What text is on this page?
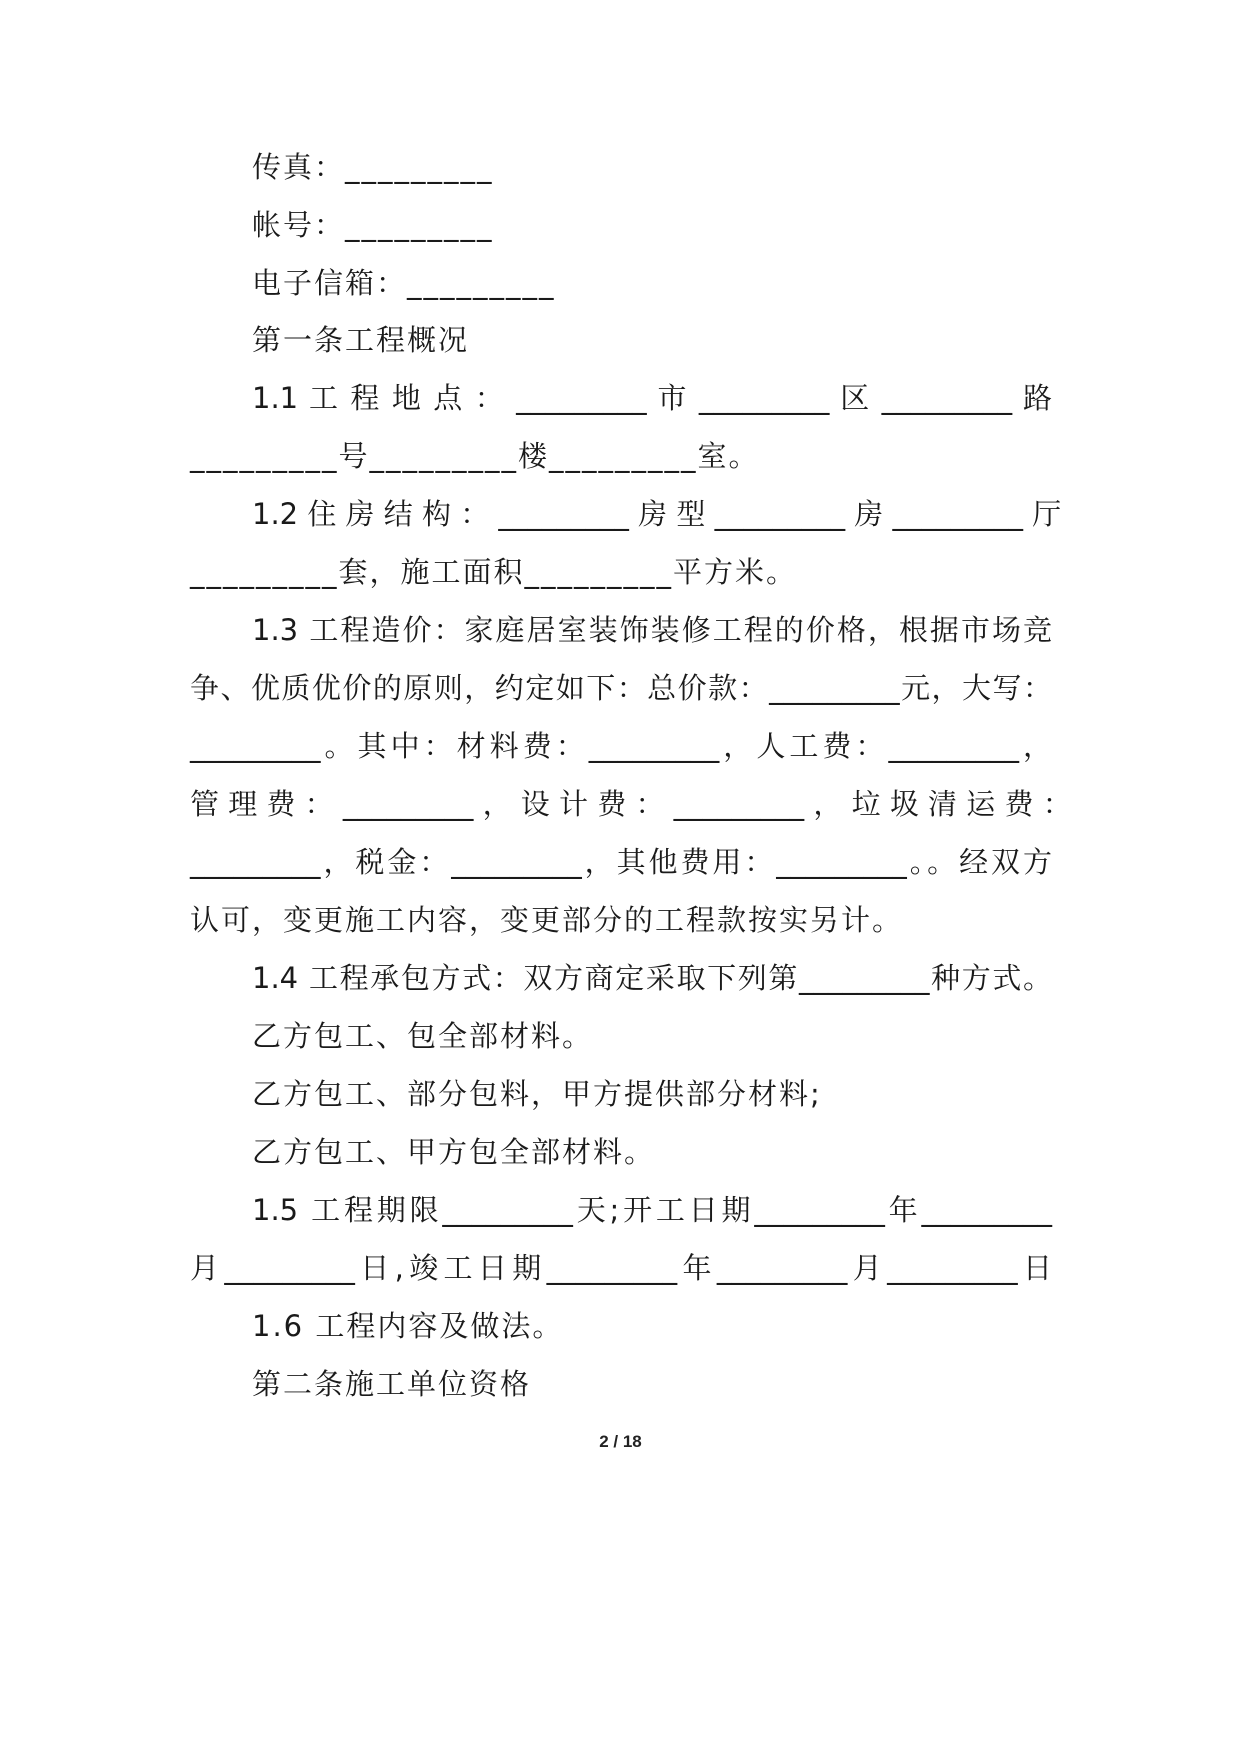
传真：_________

帐号：_________

电子信箱：_________

第一条工程概况

1.1 工 程 地 点 ： _________ 市 _________ 区 _________ 路

_________号_________楼_________室。

1.2 住 房 结 构 ： _________ 房 型 _________ 房 _________ 厅

_________套，施工面积_________平方米。

1.3 工程造价：家庭居室装饰装修工程的价格，根据市场竞

争、优质优价的原则，约定如下：总价款：_________元，大写：

_________。其中：材料费：_________，人工费：_________，

管 理 费 ： _________ ， 设 计 费 ： _________ ， 垃 圾 清 运 费 ：

_________，税金：_________，其他费用：_________。。经双方

认可，变更施工内容，变更部分的工程款按实另计。

1.4 工程承包方式：双方商定采取下列第_________种方式。

乙方包工、包全部材料。

乙方包工、部分包料，甲方提供部分材料;

乙方包工、甲方包全部材料。

1.5 工程期限_________天;开工日期_________年_________

月_________日,竣工日期_________年_________月_________日

1.6 工程内容及做法。

第二条施工单位资格

2 / 18
